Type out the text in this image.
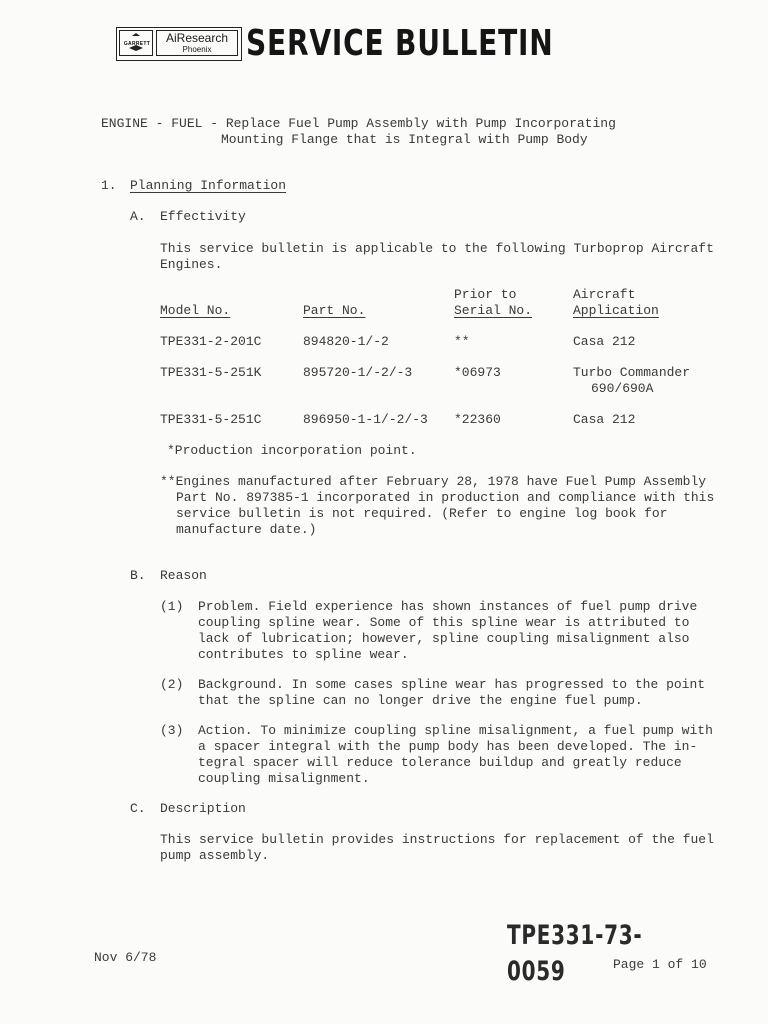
GARRETT	AiResearch
Phoenix SERVICE BULLETIN
ENGINE - FUEL - Replace Fuel Pump Assembly with Pump Incorporating
Mounting Flange that is Integral with Pump Body
1. Planning Information
A. Effectivity
This service bulletin is applicable to the following Turboprop Aircraft
Engines.
Prior to	Aircraft
Model No.	Part No.	Serial No.	Application
TPE331-2-201C	894820-1/-2	**	Casa 212
TPE331-5-251K	895720-1/-2/-3	*06973	Turbo Commander
690/690A
TPE331-5-251C	896950-1-1/-2/-3 *22360	Casa 212
*Production incorporation point.
**Engines manufactured after February 28, 1978 have Fuel Pump Assembly
Part No. 897385-1 incorporated in production and compliance with this
service bulletin is not required. (Refer to engine log book for
manufacture date.)
B. Reason
(1) Problem. Field experience has shown instances of fuel pump drive
coupling spline wear. Some of this spline wear is attributed to
lack of lubrication; however, spline coupling misalignment also
contributes to spline wear.
(2) Background. In some cases spline wear has progressed to the point
that the spline can no longer drive the engine fuel pump.
(3) Action. To minimize coupling spline misalignment, a fuel pump with
a spacer integral with the pump body has been developed. The in-
tegral spacer will reduce tolerance buildup and greatly reduce
coupling misalignment.
C. Description
This service bulletin provides instructions for replacement of the fuel
pump assembly.
TPE331-73-0059
Nov 6/78	Page 1 of 10
